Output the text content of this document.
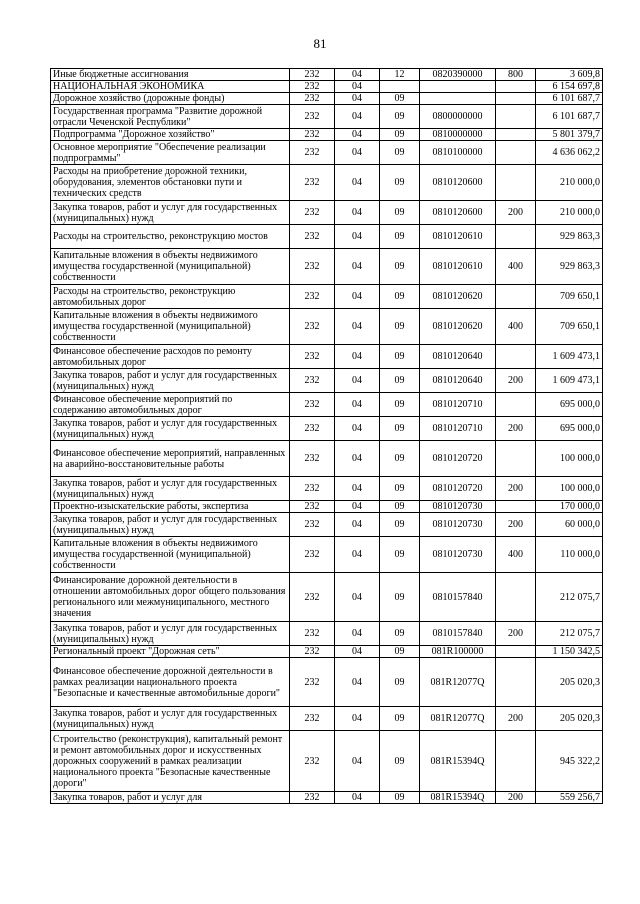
81
Иные бюджетные ассигнования	232	04	12	0820390000	800	3 609,8
НАЦИОНАЛЬНАЯ ЭКОНОМИКА	232	04				6 154 697,8
Дорожное хозяйство (дорожные фонды)	232	04	09			6 101 687,7
Государственная программа "Развитие дорожной отрасли Чеченской Республики"	232	04	09	0800000000		6 101 687,7
Подпрограмма "Дорожное хозяйство"	232	04	09	0810000000		5 801 379,7
Основное мероприятие "Обеспечение реализации подпрограммы"	232	04	09	0810100000		4 636 062,2
Расходы на приобретение дорожной техники, оборудования, элементов обстановки пути и технических средств	232	04	09	0810120600		210 000,0
Закупка товаров, работ и услуг для государственных (муниципальных) нужд	232	04	09	0810120600	200	210 000,0
Расходы на строительство, реконструкцию мостов	232	04	09	0810120610		929 863,3
Капитальные вложения в объекты недвижимого имущества государственной (муниципальной) собственности	232	04	09	0810120610	400	929 863,3
Расходы на строительство, реконструкцию автомобильных дорог	232	04	09	0810120620		709 650,1
Капитальные вложения в объекты недвижимого имущества государственной (муниципальной) собственности	232	04	09	0810120620	400	709 650,1
Финансовое обеспечение расходов по ремонту автомобильных дорог	232	04	09	0810120640		1 609 473,1
Закупка товаров, работ и услуг для государственных (муниципальных) нужд	232	04	09	0810120640	200	1 609 473,1
Финансовое обеспечение мероприятий по содержанию автомобильных дорог	232	04	09	0810120710		695 000,0
Закупка товаров, работ и услуг для государственных (муниципальных) нужд	232	04	09	0810120710	200	695 000,0
Финансовое обеспечение мероприятий, направленных на аварийно-восстановительные работы	232	04	09	0810120720		100 000,0
Закупка товаров, работ и услуг для государственных (муниципальных) нужд	232	04	09	0810120720	200	100 000,0
Проектно-изыскательские работы, экспертиза	232	04	09	0810120730		170 000,0
Закупка товаров, работ и услуг для государственных (муниципальных) нужд	232	04	09	0810120730	200	60 000,0
Капитальные вложения в объекты недвижимого имущества государственной (муниципальной) собственности	232	04	09	0810120730	400	110 000,0
Финансирование дорожной деятельности в отношении автомобильных дорог общего пользования регионального или межмуниципального, местного значения	232	04	09	0810157840		212 075,7
Закупка товаров, работ и услуг для государственных (муниципальных) нужд	232	04	09	0810157840	200	212 075,7
Региональный проект "Дорожная сеть"	232	04	09	081R100000		1 150 342,5
Финансовое обеспечение дорожной деятельности в рамках реализации национального проекта "Безопасные и качественные автомобильные дороги"	232	04	09	081R12077Q		205 020,3
Закупка товаров, работ и услуг для государственных (муниципальных) нужд	232	04	09	081R12077Q	200	205 020,3
Строительство (реконструкция), капитальный ремонт и ремонт автомобильных дорог и искусственных дорожных сооружений в рамках реализации национального проекта "Безопасные качественные дороги"	232	04	09	081R15394Q		945 322,2
Закупка товаров, работ и услуг для	232	04	09	081R15394Q	200	559 256,7
